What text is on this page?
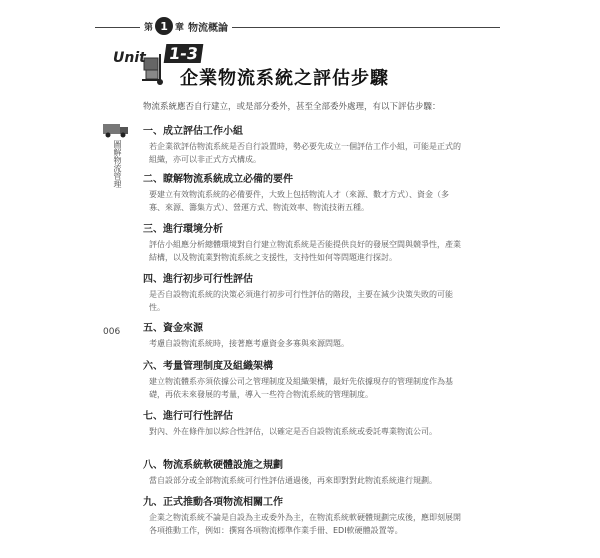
第 1 章 物流概論
Unit 1-3
企業物流系統之評估步驟
圖解物流管理
006
物流系統應否自行建立，或是部分委外，甚至全部委外處理，有以下評估步驟：
一、成立評估工作小組
若企業欲評估物流系統是否自行設置時，勢必要先成立一個評估工作小組，可能是正式的組織，亦可以非正式方式構成。
二、瞭解物流系統成立必備的要件
要建立有效物流系統的必備要件，大致上包括物流人才（來源、數才方式）、資金（多寡、來源、籌集方式）、營運方式、物流效率、物流技術五種。
三、進行環境分析
評估小組應分析總體環境對自行建立物流系統是否能提供良好的發展空間與競爭性，產業結構，以及物流業對物流系統之支援性，支持性如何等問題進行探討。
四、進行初步可行性評估
是否自設物流系統的決策必須進行初步可行性評估的階段，主要在減少決策失敗的可能性。
五、資金來源
考慮自設物流系統時，接著應考慮資金多寡與來源問題。
六、考量管理制度及組織架構
建立物流體系亦須依據公司之管理制度及組織架構，最好先依據現存的管理制度作為基礎，再依未來發展的考量，導入一些符合物流系統的管理制度。
七、進行可行性評估
對內、外在條件加以綜合性評估，以確定是否自設物流系統或委託專業物流公司。
八、物流系統軟硬體設施之規劃
當自設部分或全部物流系統可行性評估通過後，再來即對對此物流系統進行規劃。
九、正式推動各項物流相關工作
企業之物流系統不論是自設為主或委外為主，在物流系統軟硬體規劃完成後，應即刻展開各項推動工作，例如：撰寫各項物流標準作業手冊、EDI軟硬體設置等。
